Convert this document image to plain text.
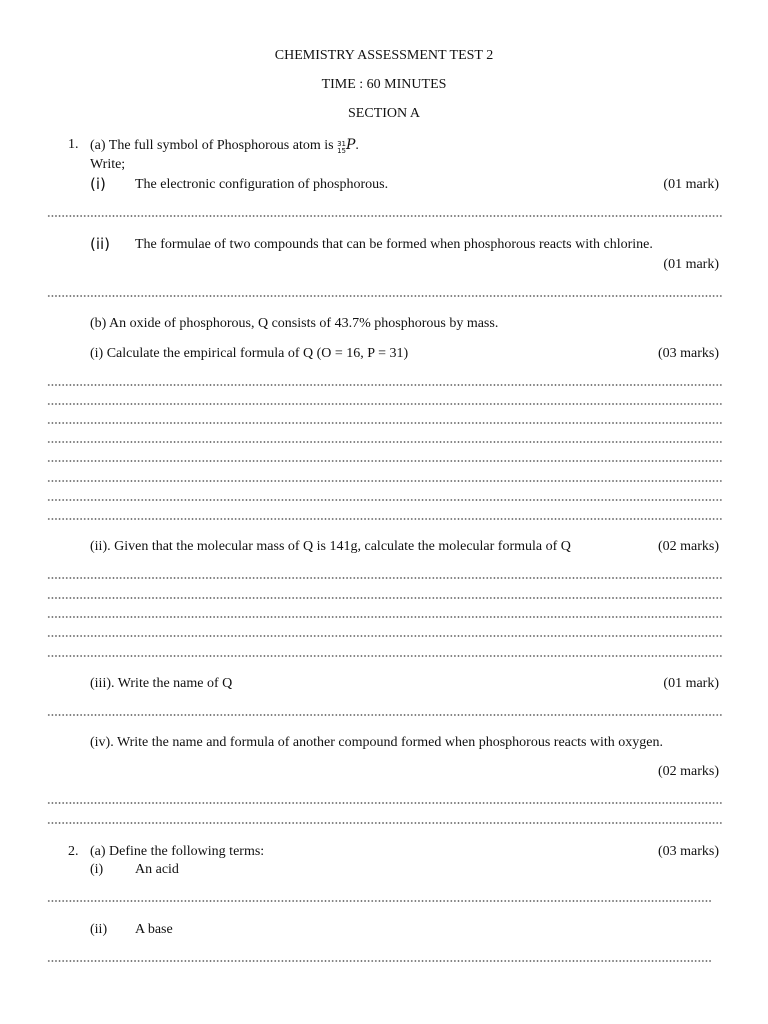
CHEMISTRY ASSESSMENT TEST 2
TIME : 60 MINUTES
SECTION A
1. (a) The full symbol of Phosphorous atom is 31
15 P.
Write;
(i) The electronic configuration of phosphorous.	(01 mark)
(ii) The formulae of two compounds that can be formed when phosphorous reacts with chlorine.
(01 mark)
(b) An oxide of phosphorous, Q consists of 43.7% phosphorous by mass.
(i) Calculate the empirical formula of Q (O = 16, P = 31)	(03 marks)
(ii). Given that the molecular mass of Q is 141g, calculate the molecular formula of Q	(02 marks)
(iii). Write the name of Q	(01 mark)
(iv). Write the name and formula of another compound formed when phosphorous reacts with oxygen.
(02 marks)
2. (a) Define the following terms:	(03 marks)
(i) An acid
(ii) A base
